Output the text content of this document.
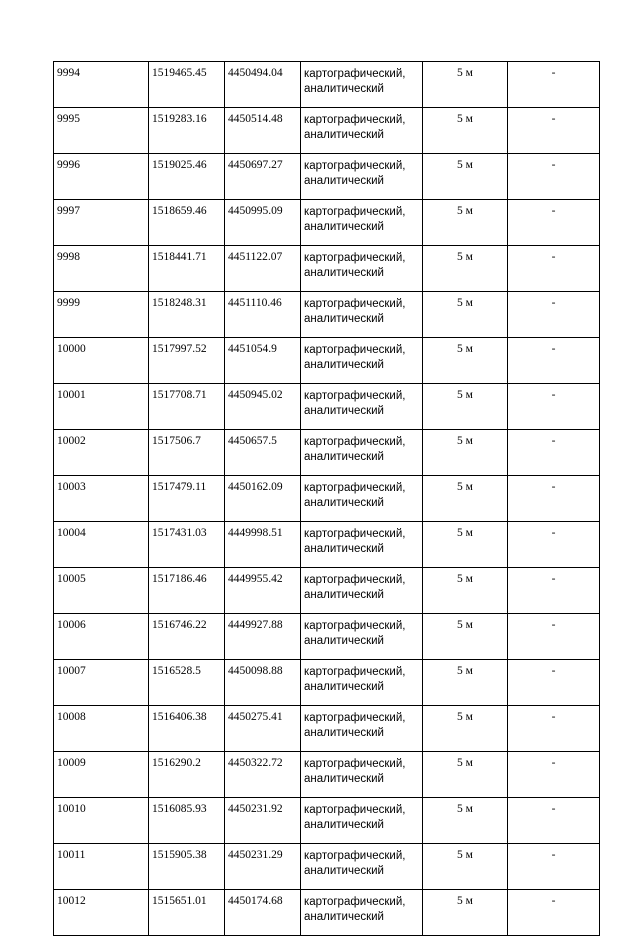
9994	1519465.45	4450494.04	картографический, аналитический	5 м	-
9995	1519283.16	4450514.48	картографический, аналитический	5 м	-
9996	1519025.46	4450697.27	картографический, аналитический	5 м	-
9997	1518659.46	4450995.09	картографический, аналитический	5 м	-
9998	1518441.71	4451122.07	картографический, аналитический	5 м	-
9999	1518248.31	4451110.46	картографический, аналитический	5 м	-
10000	1517997.52	4451054.9	картографический, аналитический	5 м	-
10001	1517708.71	4450945.02	картографический, аналитический	5 м	-
10002	1517506.7	4450657.5	картографический, аналитический	5 м	-
10003	1517479.11	4450162.09	картографический, аналитический	5 м	-
10004	1517431.03	4449998.51	картографический, аналитический	5 м	-
10005	1517186.46	4449955.42	картографический, аналитический	5 м	-
10006	1516746.22	4449927.88	картографический, аналитический	5 м	-
10007	1516528.5	4450098.88	картографический, аналитический	5 м	-
10008	1516406.38	4450275.41	картографический, аналитический	5 м	-
10009	1516290.2	4450322.72	картографический, аналитический	5 м	-
10010	1516085.93	4450231.92	картографический, аналитический	5 м	-
10011	1515905.38	4450231.29	картографический, аналитический	5 м	-
10012	1515651.01	4450174.68	картографический, аналитический	5 м	-
